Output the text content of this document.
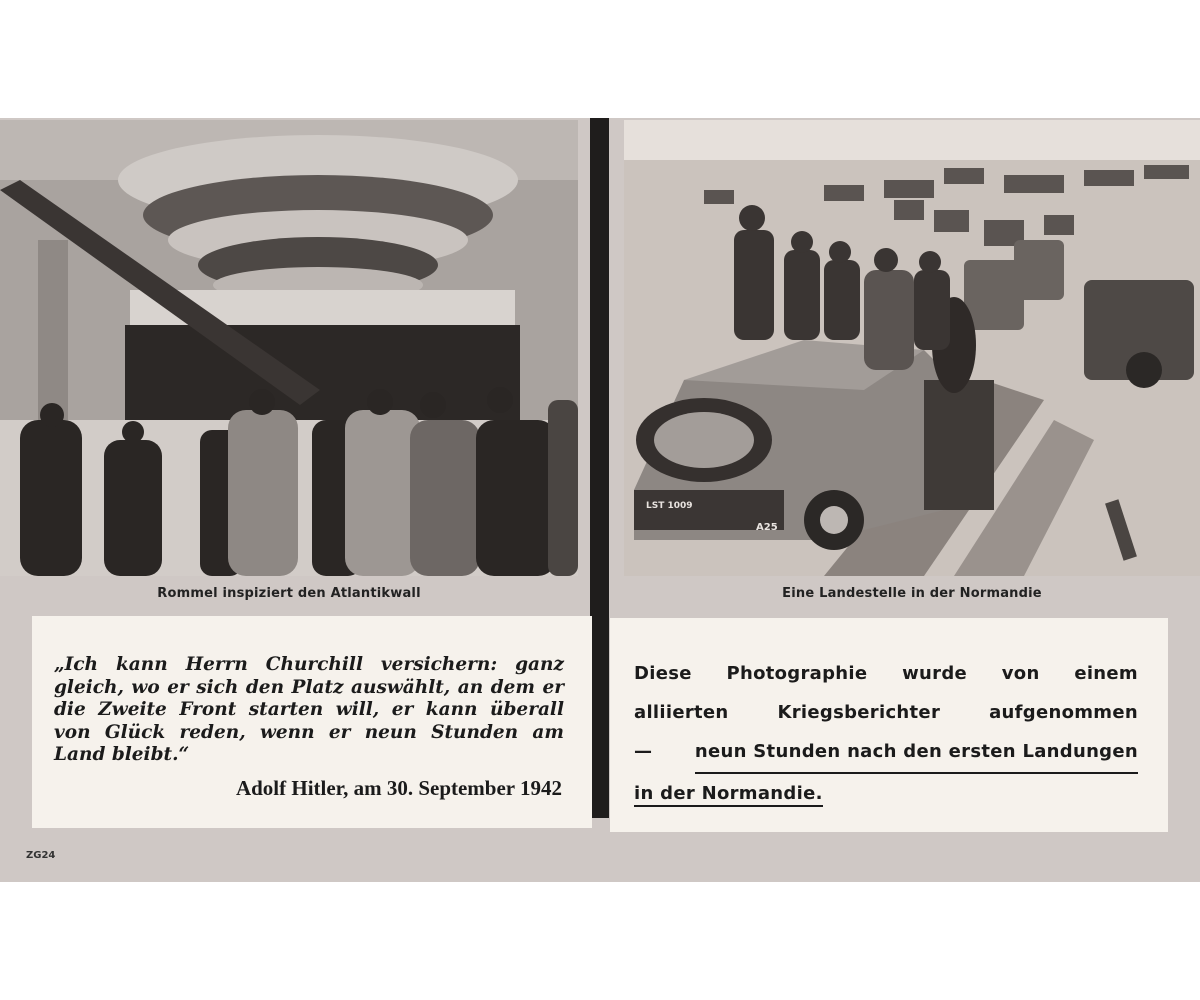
LST 1009
A25
Rommel inspiziert den Atlantikwall	Eine Landestelle in der Normandie
„Ich kann Herrn Churchill versichern: ganz gleich, wo er sich den Platz auswählt, an dem er die Zweite Front starten will, er kann überall von Glück reden, wenn er neun Stunden am Land bleibt.“
Adolf Hitler, am 30. September 1942
Diese Photographie wurde von einem
alliierten	Kriegsberichter	aufgenommen
— neun Stunden nach den ersten Landungen
in der Normandie.
ZG24
